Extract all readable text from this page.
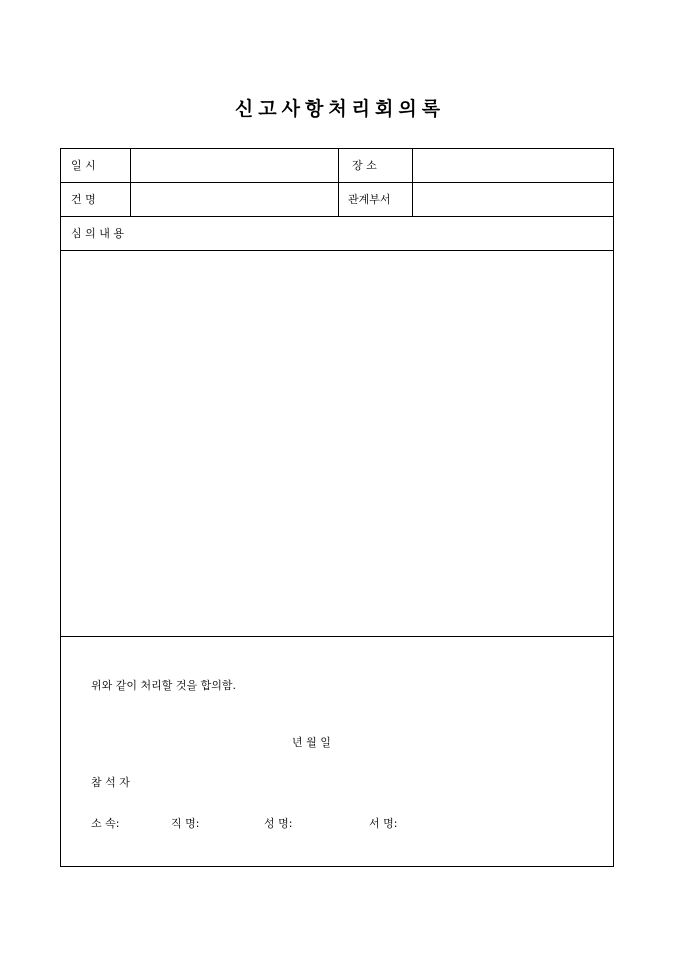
신고사항처리회의록
일 시	장 소
건 명	관계부서
심 의 내 용
위와 같이 처리할 것을 합의함.
년 월 일
참 석 자
소 속:	직 명:	성 명:	서 명:
